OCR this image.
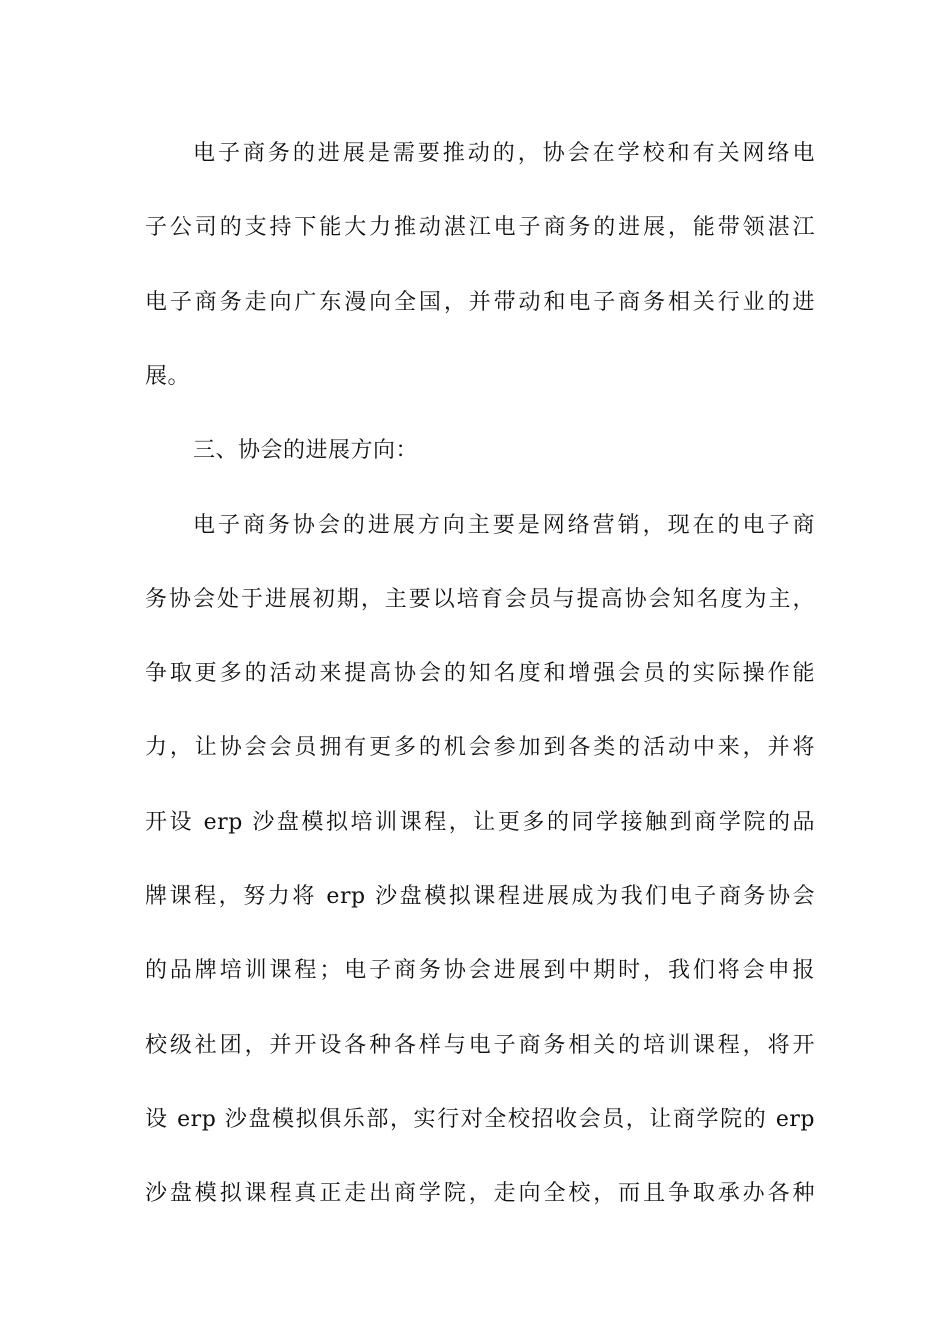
电子商务的进展是需要推动的，协会在学校和有关网络电
子公司的支持下能大力推动湛江电子商务的进展，能带领湛江
电子商务走向广东漫向全国，并带动和电子商务相关行业的进
展。
三、协会的进展方向：
电子商务协会的进展方向主要是网络营销，现在的电子商
务协会处于进展初期，主要以培育会员与提高协会知名度为主，
争取更多的活动来提高协会的知名度和增强会员的实际操作能
力，让协会会员拥有更多的机会参加到各类的活动中来，并将
开设 erp 沙盘模拟培训课程，让更多的同学接触到商学院的品
牌课程，努力将 erp 沙盘模拟课程进展成为我们电子商务协会
的品牌培训课程；电子商务协会进展到中期时，我们将会申报
校级社团，并开设各种各样与电子商务相关的培训课程，将开
设 erp 沙盘模拟俱乐部，实行对全校招收会员，让商学院的 erp
沙盘模拟课程真正走出商学院，走向全校，而且争取承办各种
